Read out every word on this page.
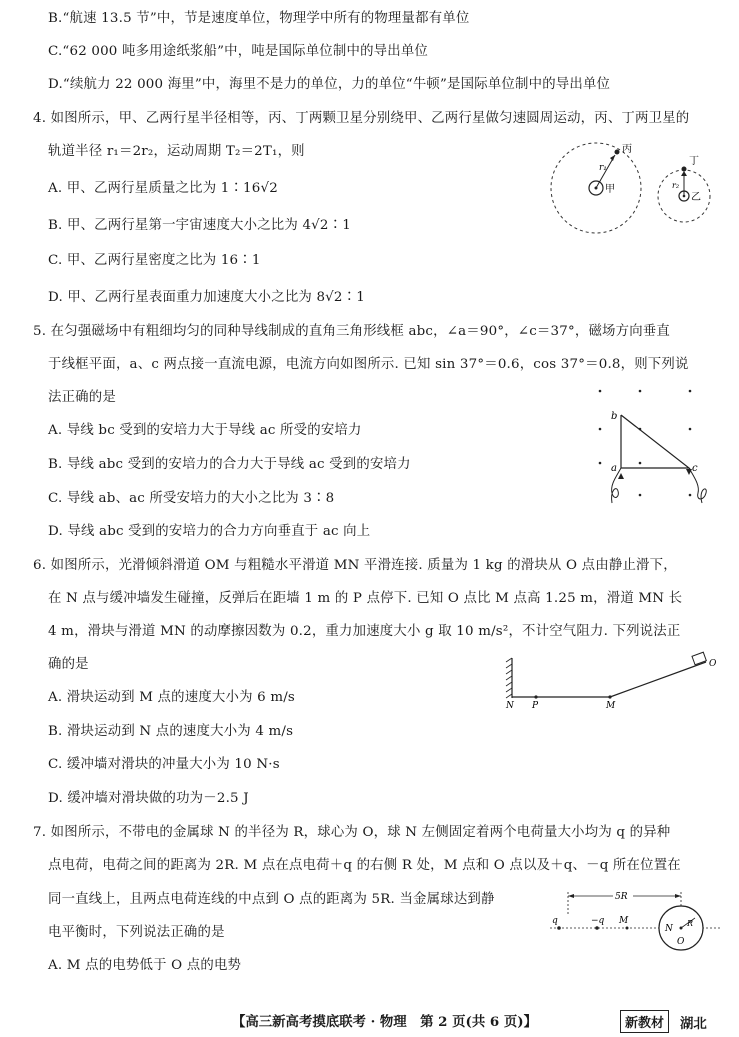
B.“航速 13.5 节”中，节是速度单位，物理学中所有的物理量都有单位
C.“62 000 吨多用途纸浆船”中，吨是国际单位制中的导出单位
D.“续航力 22 000 海里”中，海里不是力的单位，力的单位“牛顿”是国际单位制中的导出单位
4. 如图所示，甲、乙两行星半径相等，丙、丁两颗卫星分别绕甲、乙两行星做匀速圆周运动，丙、丁两卫星的
轨道半径 r₁＝2r₂，运动周期 T₂＝2T₁，则
A. 甲、乙两行星质量之比为 1∶16√2
B. 甲、乙两行星第一宇宙速度大小之比为 4√2∶1
C. 甲、乙两行星密度之比为 16∶1
D. 甲、乙两行星表面重力加速度大小之比为 8√2∶1
5. 在匀强磁场中有粗细均匀的同种导线制成的直角三角形线框 abc，∠a＝90°，∠c＝37°，磁场方向垂直
于线框平面，a、c 两点接一直流电源，电流方向如图所示. 已知 sin 37°＝0.6，cos 37°＝0.8，则下列说
法正确的是
A. 导线 bc 受到的安培力大于导线 ac 所受的安培力
B. 导线 abc 受到的安培力的合力大于导线 ac 受到的安培力
C. 导线 ab、ac 所受安培力的大小之比为 3∶8
D. 导线 abc 受到的安培力的合力方向垂直于 ac 向上
6. 如图所示，光滑倾斜滑道 OM 与粗糙水平滑道 MN 平滑连接. 质量为 1 kg 的滑块从 O 点由静止滑下，
在 N 点与缓冲墙发生碰撞，反弹后在距墙 1 m 的 P 点停下. 已知 O 点比 M 点高 1.25 m，滑道 MN 长
4 m，滑块与滑道 MN 的动摩擦因数为 0.2，重力加速度大小 g 取 10 m/s²，不计空气阻力. 下列说法正
确的是
A. 滑块运动到 M 点的速度大小为 6 m/s
B. 滑块运动到 N 点的速度大小为 4 m/s
C. 缓冲墙对滑块的冲量大小为 10 N·s
D. 缓冲墙对滑块做的功为－2.5 J
7. 如图所示，不带电的金属球 N 的半径为 R，球心为 O，球 N 左侧固定着两个电荷量大小均为 q 的异种
点电荷，电荷之间的距离为 2R. M 点在点电荷＋q 的右侧 R 处，M 点和 O 点以及＋q、－q 所在位置在
同一直线上，且两点电荷连线的中点到 O 点的距离为 5R. 当金属球达到静
电平衡时，下列说法正确的是
A. M 点的电势低于 O 点的电势
r₁
丙
甲	r₂
丁
乙
b
a	c
N P	M
O
5R
q	−q M
N
R
O
【高三新高考摸底联考 · 物理　第 2 页(共 6 页)】	新教材	湖北
